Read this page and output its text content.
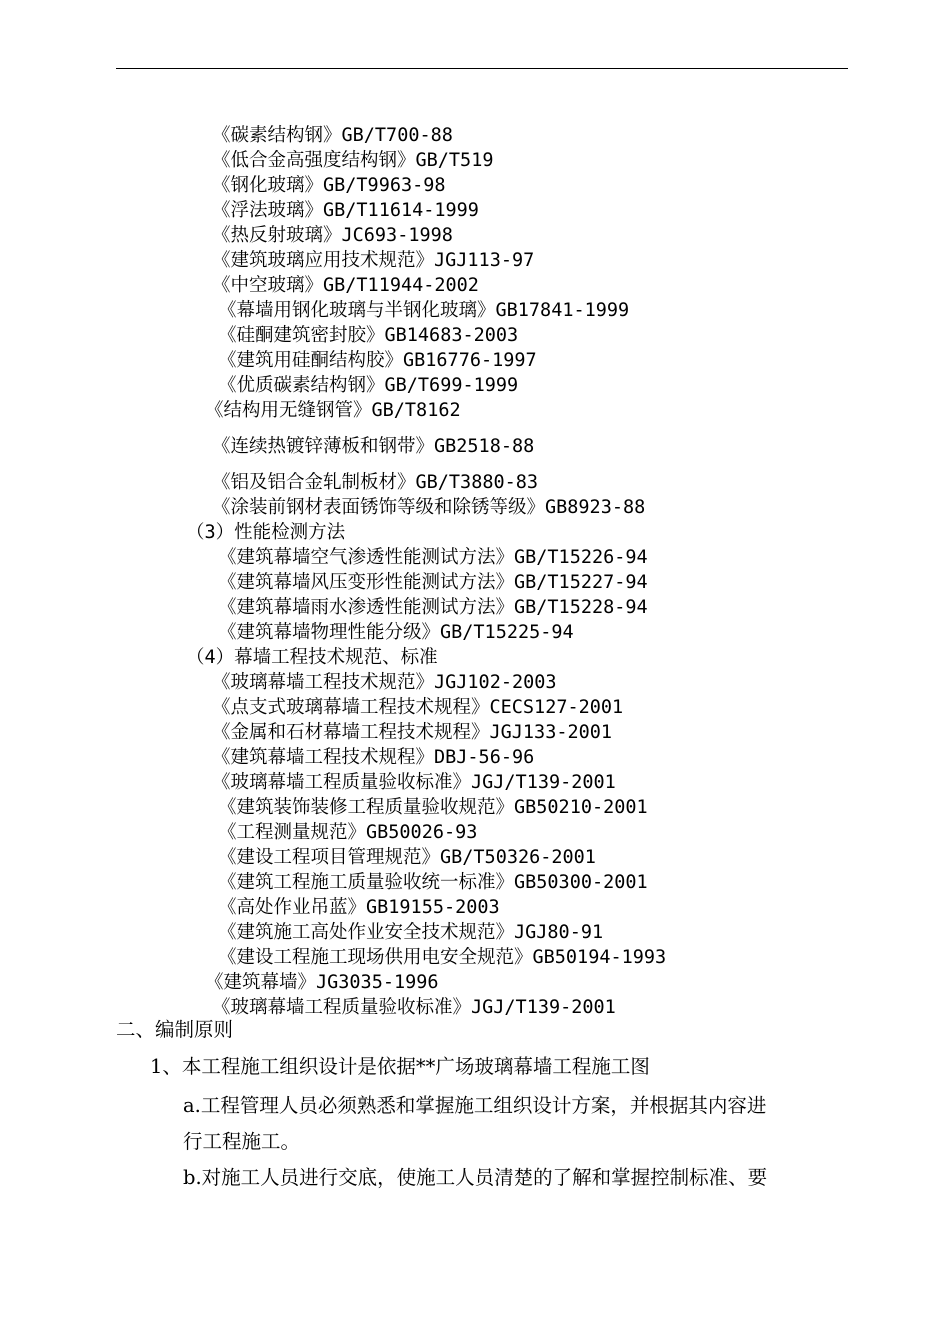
《碳素结构钢》GB/T700-88
《低合金高强度结构钢》GB/T519
《钢化玻璃》GB/T9963-98
《浮法玻璃》GB/T11614-1999
《热反射玻璃》JC693-1998
《建筑玻璃应用技术规范》JGJ113-97
《中空玻璃》GB/T11944-2002
《幕墙用钢化玻璃与半钢化玻璃》GB17841-1999
《硅酮建筑密封胶》GB14683-2003
《建筑用硅酮结构胶》GB16776-1997
《优质碳素结构钢》GB/T699-1999
《结构用无缝钢管》GB/T8162
《连续热镀锌薄板和钢带》GB2518-88
《铝及铝合金轧制板材》GB/T3880-83
《涂装前钢材表面锈饰等级和除锈等级》GB8923-88
（3）性能检测方法
《建筑幕墙空气渗透性能测试方法》GB/T15226-94
《建筑幕墙风压变形性能测试方法》GB/T15227-94
《建筑幕墙雨水渗透性能测试方法》GB/T15228-94
《建筑幕墙物理性能分级》GB/T15225-94
（4）幕墙工程技术规范、标准
《玻璃幕墙工程技术规范》JGJ102-2003
《点支式玻璃幕墙工程技术规程》CECS127-2001
《金属和石材幕墙工程技术规程》JGJ133-2001
《建筑幕墙工程技术规程》DBJ-56-96
《玻璃幕墙工程质量验收标准》JGJ/T139-2001
《建筑装饰装修工程质量验收规范》GB50210-2001
《工程测量规范》GB50026-93
《建设工程项目管理规范》GB/T50326-2001
《建筑工程施工质量验收统一标准》GB50300-2001
《高处作业吊蓝》GB19155-2003
《建筑施工高处作业安全技术规范》JGJ80-91
《建设工程施工现场供用电安全规范》GB50194-1993
《建筑幕墙》JG3035-1996
《玻璃幕墙工程质量验收标准》JGJ/T139-2001
二、编制原则
1、本工程施工组织设计是依据**广场玻璃幕墙工程施工图
a.工程管理人员必须熟悉和掌握施工组织设计方案，并根据其内容进
行工程施工。
b.对施工人员进行交底，使施工人员清楚的了解和掌握控制标准、要
